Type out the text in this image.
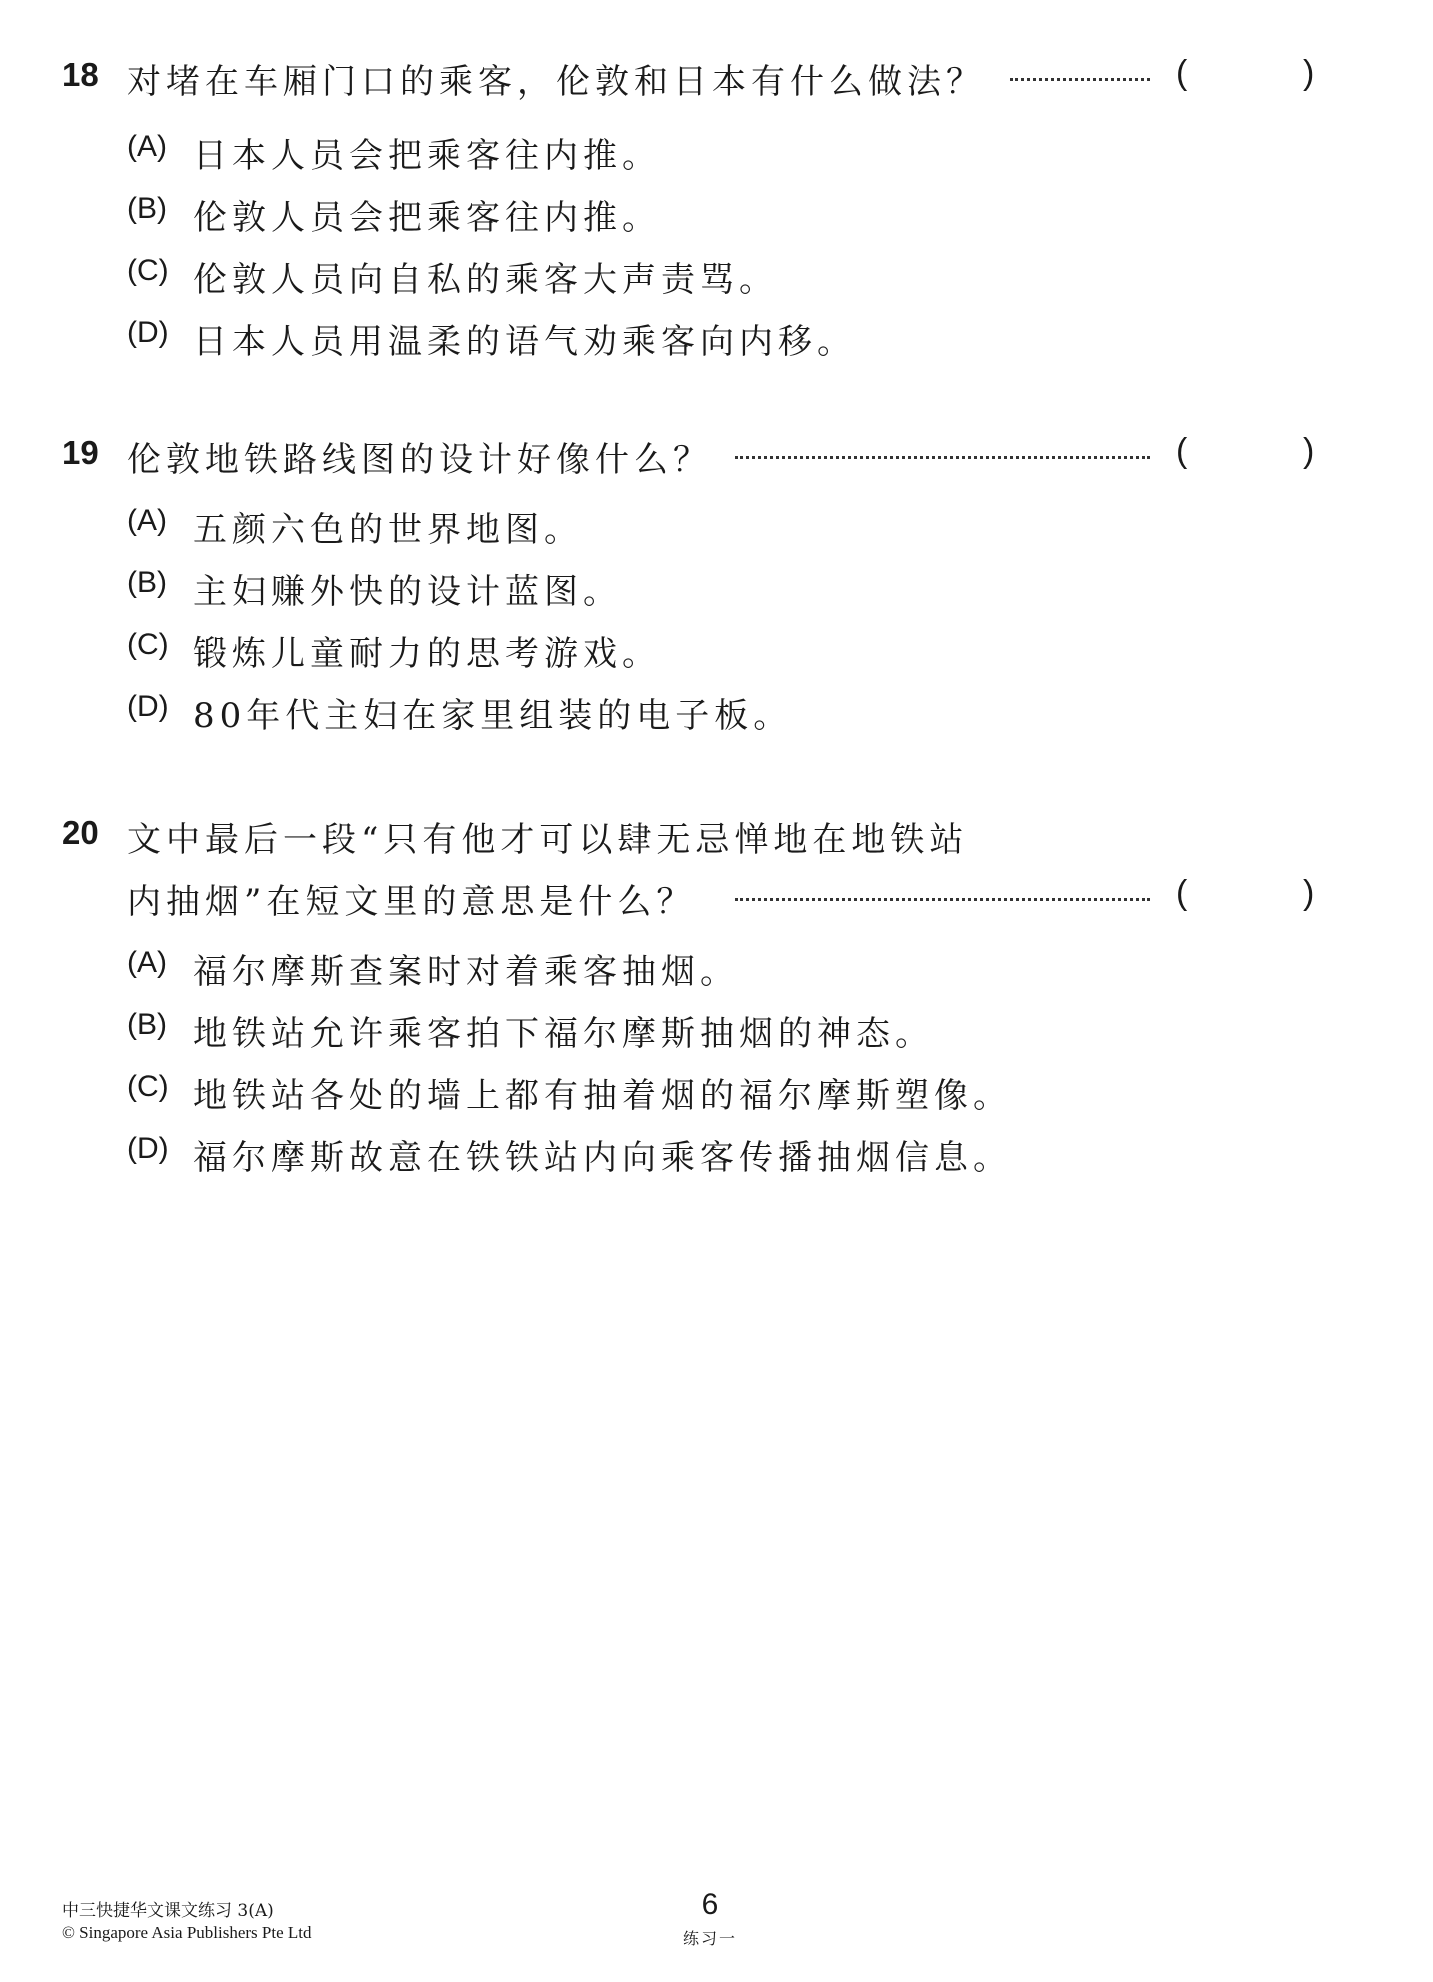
18 对堵在车厢门口的乘客，伦敦和日本有什么做法？	(	)
(A) 日本人员会把乘客往内推。
(B) 伦敦人员会把乘客往内推。
(C) 伦敦人员向自私的乘客大声责骂。
(D) 日本人员用温柔的语气劝乘客向内移。
19 伦敦地铁路线图的设计好像什么？	(	)
(A) 五颜六色的世界地图。
(B) 主妇赚外快的设计蓝图。
(C) 锻炼儿童耐力的思考游戏。
(D) 80年代主妇在家里组装的电子板。
20 文中最后一段“只有他才可以肆无忌惮地在地铁站
内抽烟”在短文里的意思是什么？	(	)
(A) 福尔摩斯查案时对着乘客抽烟。
(B) 地铁站允许乘客拍下福尔摩斯抽烟的神态。
(C) 地铁站各处的墙上都有抽着烟的福尔摩斯塑像。
(D) 福尔摩斯故意在铁铁站内向乘客传播抽烟信息。
中三快捷华文课文练习 3(A)
© Singapore Asia Publishers Pte Ltd
6
练习一
